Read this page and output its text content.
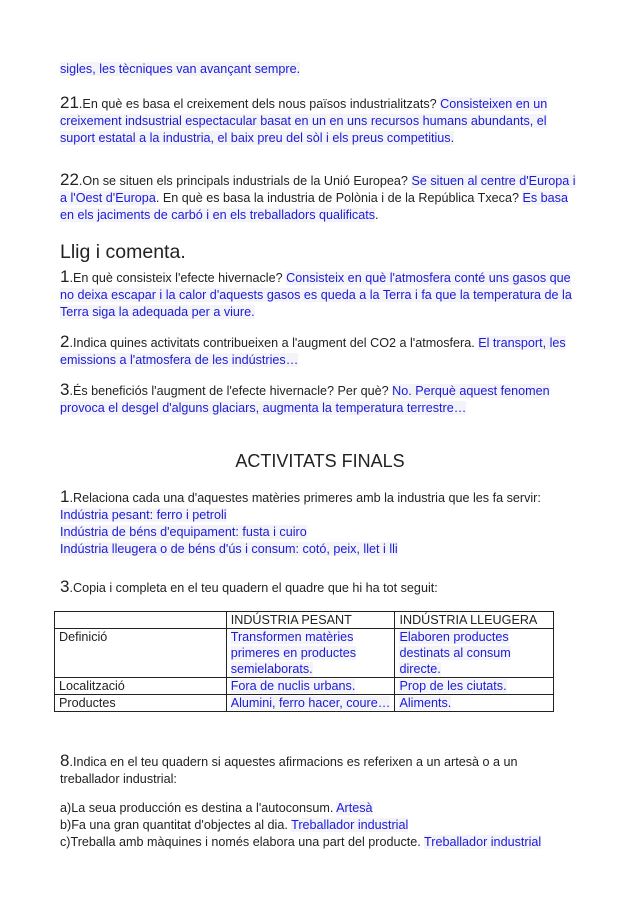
sigles, les tècniques van avançant sempre.
21.En què es basa el creixement dels nous països industrialitzats? Consisteixen en un creixement indsustrial espectacular basat en un en uns recursos humans abundants, el suport estatal a la industria, el baix preu del sòl i els preus competitius.
22.On se situen els principals industrials de la Unió Europea? Se situen al centre d'Europa i a l'Oest d'Europa. En què es basa la industria de Polònia i de la República Txeca? Es basa en els jaciments de carbó i en els treballadors qualificats.
Llig i comenta.
1.En què consisteix l'efecte hivernacle? Consisteix en què l'atmosfera conté uns gasos que no deixa escapar i la calor d'aquests gasos es queda a la Terra i fa que la temperatura de la Terra siga la adequada per a viure.
2.Indica quines activitats contribueixen a l'augment del CO2 a l'atmosfera. El transport, les emissions a l'atmosfera de les indústries…
3.És beneficiós l'augment de l'efecte hivernacle? Per què? No. Perquè aquest fenomen provoca el desgel d'alguns glaciars, augmenta la temperatura terrestre…
ACTIVITATS FINALS
1.Relaciona cada una d'aquestes matèries primeres amb la industria que les fa servir:
Indústria pesant: ferro i petroli
Indústria de béns d'equipament: fusta i cuiro
Indústria lleugera o de béns d'ús i consum: cotó, peix, llet i lli
3.Copia i completa en el teu quadern el quadre que hi ha tot seguit:
	INDÚSTRIA PESANT	INDÚSTRIA LLEUGERA
Definició	Transformen matèries primeres en productes semielaborats.	Elaboren productes destinats al consum directe.
Localització	Fora de nuclis urbans.	Prop de les ciutats.
Productes	Alumini, ferro hacer, coure…	Aliments.
8.Indica en el teu quadern si aquestes afirmacions es referixen a un artesà o a un treballador industrial:
a)La seua producción es destina a l'autoconsum. Artesà
b)Fa una gran quantitat d'objectes al dia. Treballador industrial
c)Treballa amb màquines i només elabora una part del producte. Treballador industrial
